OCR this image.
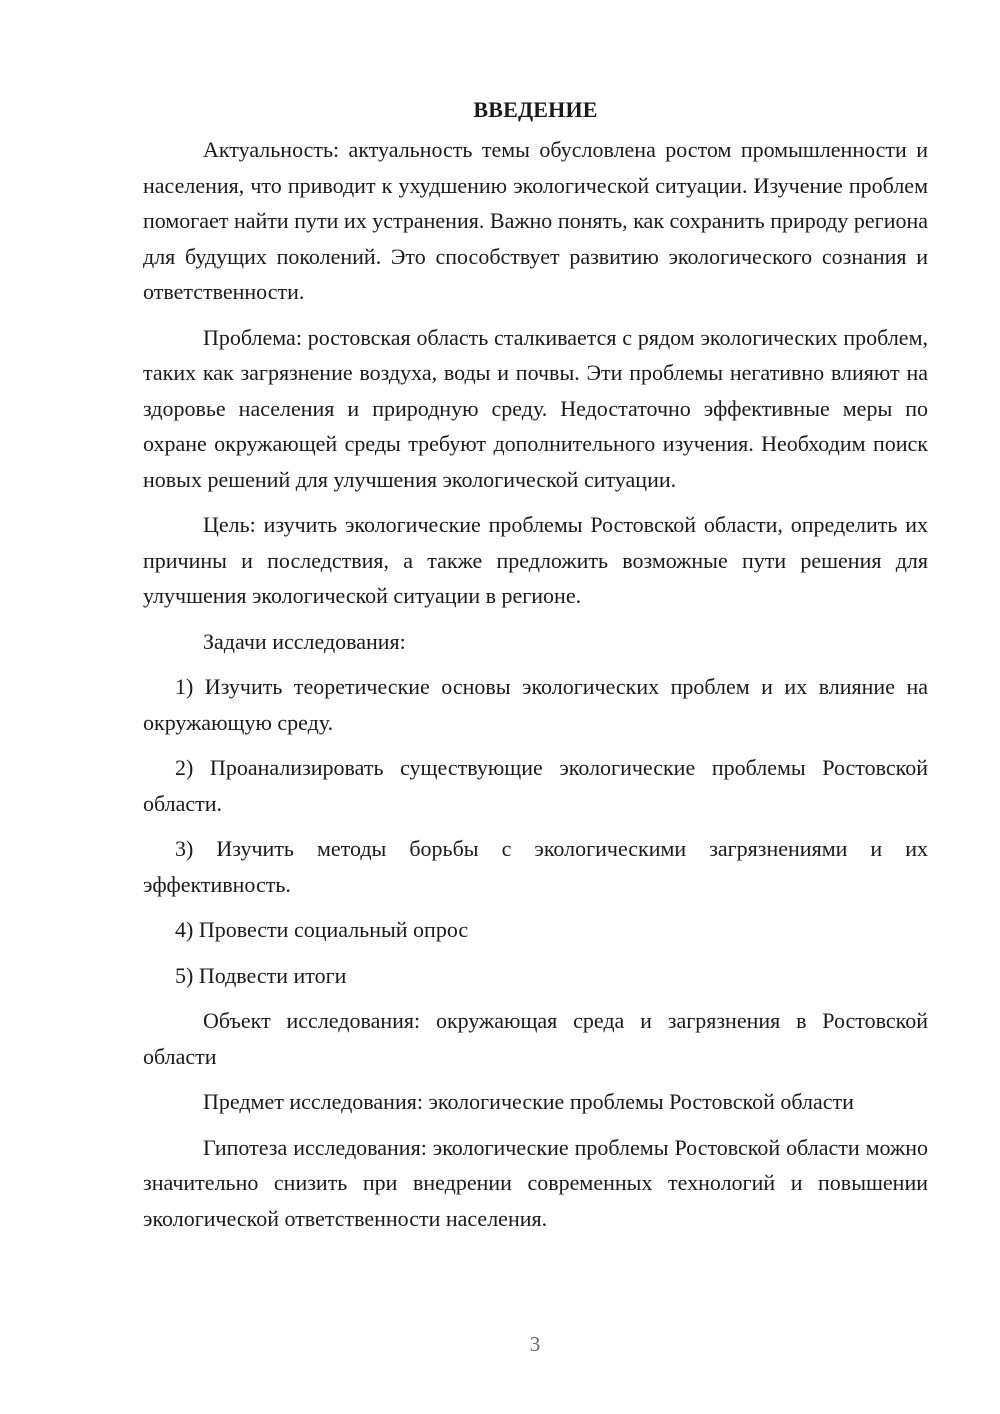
ВВЕДЕНИЕ

Актуальность: актуальность темы обусловлена ростом промышленности и населения, что приводит к ухудшению экологической ситуации. Изучение проблем помогает найти пути их устранения. Важно понять, как сохранить природу региона для будущих поколений. Это способствует развитию экологического сознания и ответственности.

Проблема: ростовская область сталкивается с рядом экологических проблем, таких как загрязнение воздуха, воды и почвы. Эти проблемы негативно влияют на здоровье населения и природную среду. Недостаточно эффективные меры по охране окружающей среды требуют дополнительного изучения. Необходим поиск новых решений для улучшения экологической ситуации.

Цель: изучить экологические проблемы Ростовской области, определить их причины и последствия, а также предложить возможные пути решения для улучшения экологической ситуации в регионе.

Задачи исследования:

1) Изучить теоретические основы экологических проблем и их влияние на окружающую среду.

2) Проанализировать существующие экологические проблемы Ростовской области.

3) Изучить методы борьбы с экологическими загрязнениями и их эффективность.

4) Провести социальный опрос

5) Подвести итоги

Объект исследования: окружающая среда и загрязнения в Ростовской области

Предмет исследования: экологические проблемы Ростовской области

Гипотеза исследования: экологические проблемы Ростовской области можно значительно снизить при внедрении современных технологий и повышении экологической ответственности населения.

3
